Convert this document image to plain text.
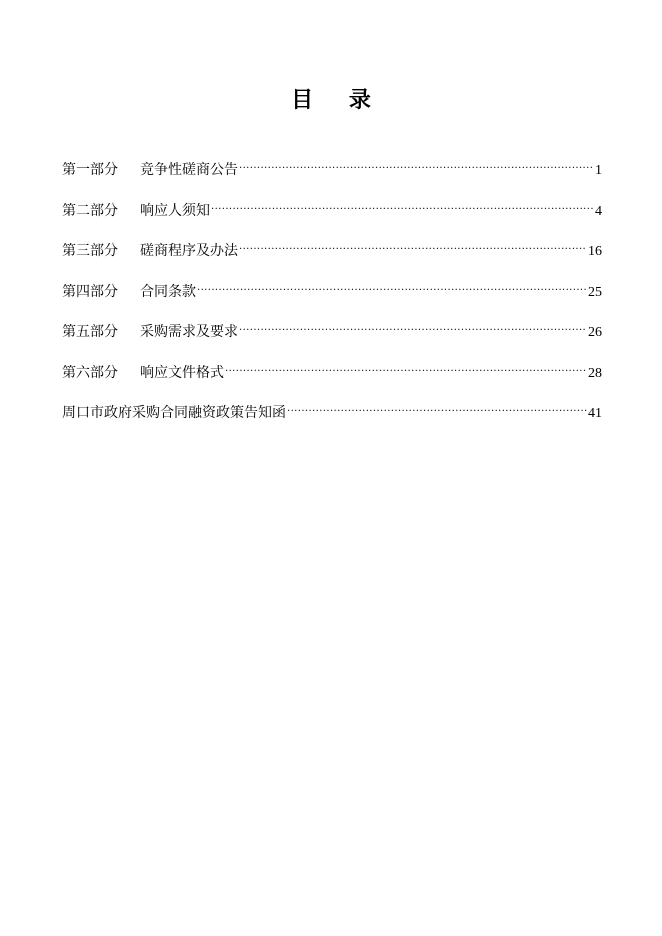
目 录
第一部分	竞争性磋商公告 .....	1
第二部分	响应人须知 .....	4
第三部分	磋商程序及办法 .....	16
第四部分	合同条款 .....	25
第五部分	采购需求及要求 .....	26
第六部分	响应文件格式 .....	28
周口市政府采购合同融资政策告知函 .....	41
